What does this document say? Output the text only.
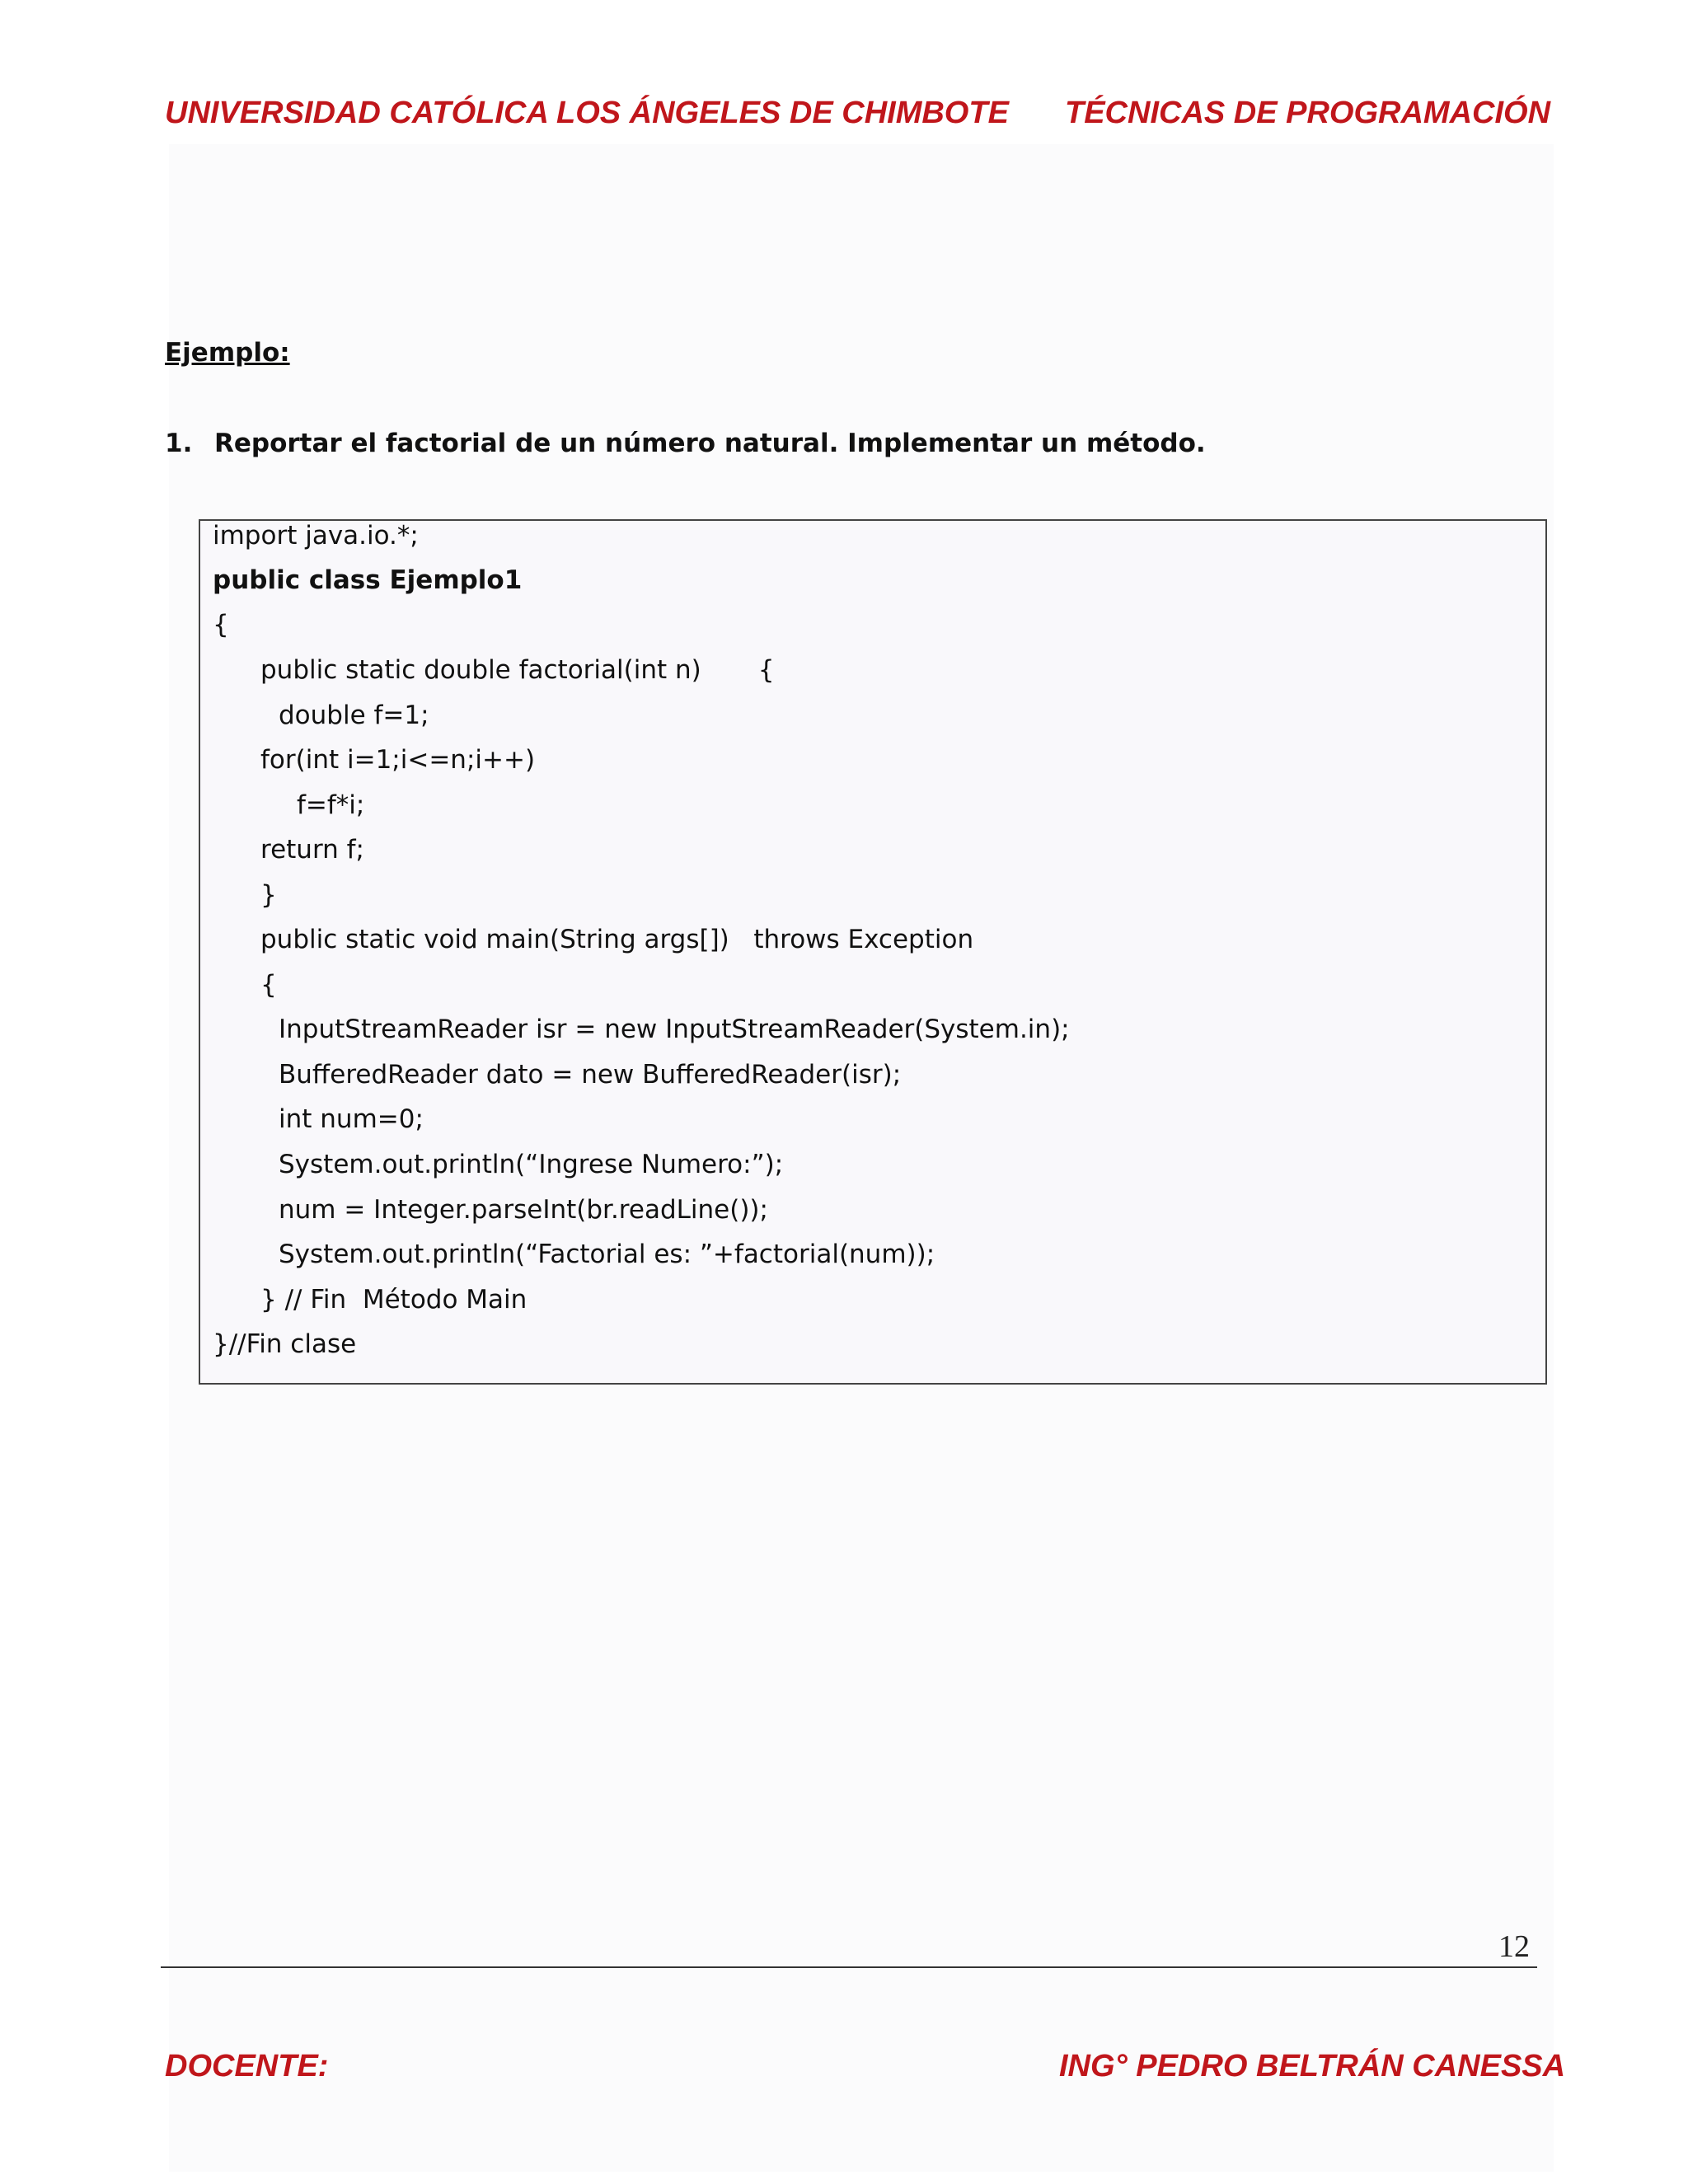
UNIVERSIDAD CATÓLICA LOS ÁNGELES DE CHIMBOTE TÉCNICAS DE PROGRAMACIÓN
Ejemplo:
1. Reportar el factorial de un número natural. Implementar un método.
import java.io.*;
public class Ejemplo1
{
public static double factorial(int n)       {
double f=1;
for(int i=1;i<=n;i++)
f=f*i;
return f;
}
public static void main(String args[])   throws Exception
{
InputStreamReader isr = new InputStreamReader(System.in);
BufferedReader dato = new BufferedReader(isr);
int num=0;
System.out.println(“Ingrese Numero:”);
num = Integer.parseInt(br.readLine());
System.out.println(“Factorial es: ”+factorial(num));
} // Fin  Método Main
}//Fin clase
12
DOCENTE:	ING° PEDRO BELTRÁN CANESSA
